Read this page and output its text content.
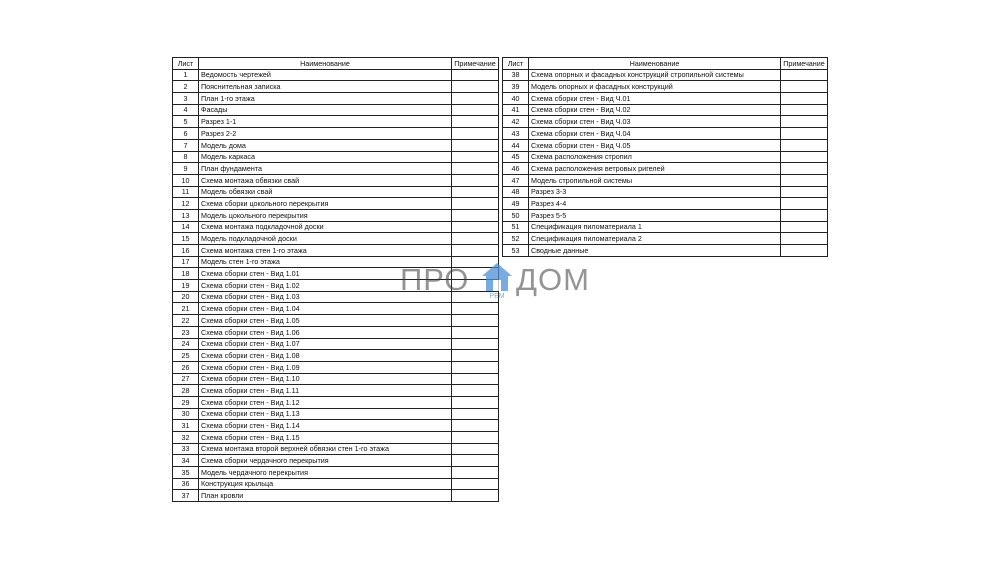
Лист	Наименование	Примечание
1	Ведомость чертежей	
2	Пояснительная записка	
3	План 1-го этажа	
4	Фасады	
5	Разрез 1-1	
6	Разрез 2-2	
7	Модель дома	
8	Модель каркаса	
9	План фундамента	
10	Схема монтажа обвязки свай	
11	Модель обвязки свай	
12	Схема сборки цокольного перекрытия	
13	Модель цокольного перекрытия	
14	Схема монтажа подкладочной доски	
15	Модель подкладочной доски	
16	Схема монтажа стен 1-го этажа	
17	Модель стен 1-го этажа	
18	Схема сборки стен - Вид 1.01	
19	Схема сборки стен - Вид 1.02	
20	Схема сборки стен - Вид 1.03	
21	Схема сборки стен - Вид 1.04	
22	Схема сборки стен - Вид 1.05	
23	Схема сборки стен - Вид 1.06	
24	Схема сборки стен - Вид 1.07	
25	Схема сборки стен - Вид 1.08	
26	Схема сборки стен - Вид 1.09	
27	Схема сборки стен - Вид 1.10	
28	Схема сборки стен - Вид 1.11	
29	Схема сборки стен - Вид 1.12	
30	Схема сборки стен - Вид 1.13	
31	Схема сборки стен - Вид 1.14	
32	Схема сборки стен - Вид 1.15	
33	Схема монтажа второй верхней обвязки стен 1-го этажа	
34	Схема сборки чердачного перекрытия	
35	Модель чердачного перекрытия	
36	Конструкция крыльца	
37	План кровли	
Лист	Наименование	Примечание
38	Схема опорных и фасадных конструкций стропильной системы	
39	Модель опорных и фасадных конструкций	
40	Схема сборки стен - Вид Ч.01	
41	Схема сборки стен - Вид Ч.02	
42	Схема сборки стен - Вид Ч.03	
43	Схема сборки стен - Вид Ч.04	
44	Схема сборки стен - Вид Ч.05	
45	Схема расположения стропил	
46	Схема расположения ветровых ригелей	
47	Модель стропильной системы	
48	Разрез 3-3	
49	Разрез 4-4	
50	Разрез 5-5	
51	Спецификация пиломатериала 1	
52	Спецификация пиломатериала 2	
53	Сводные данные	
ПРО	РЕМ ДОМ
